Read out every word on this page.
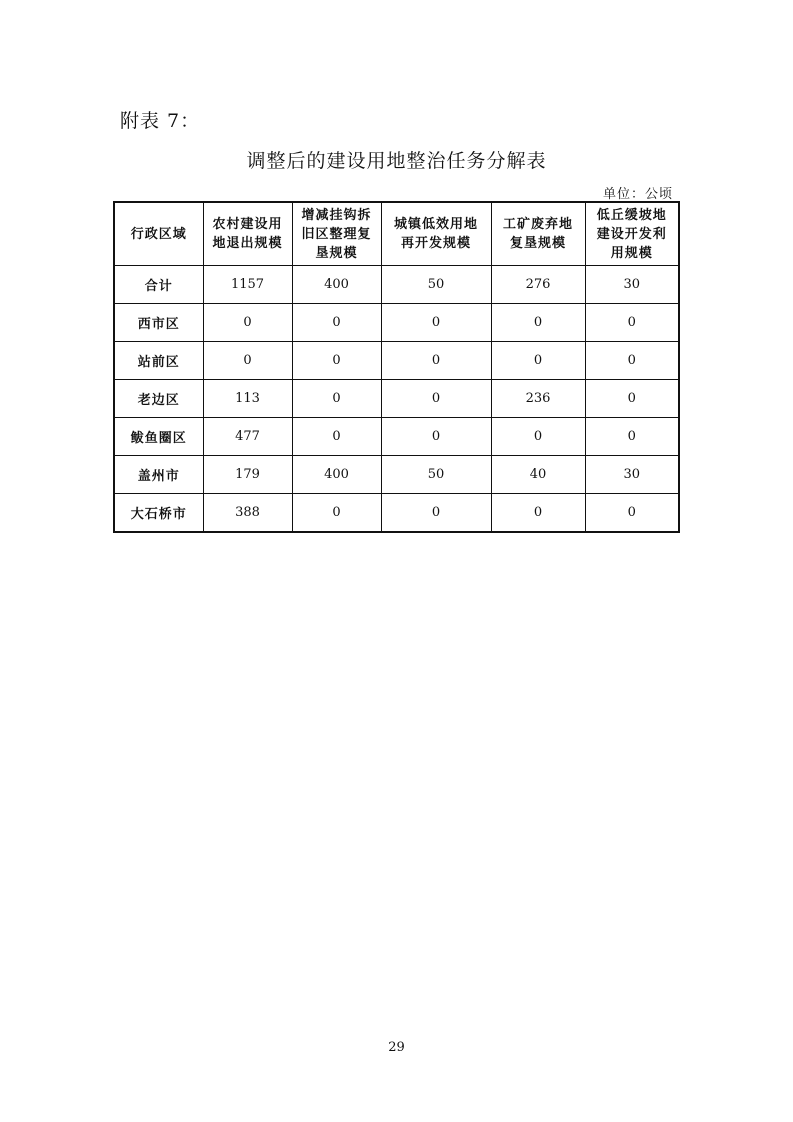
附表 7：
调整后的建设用地整治任务分解表
单位：公顷
行政区域	农村建设用地退出规模	增减挂钩拆旧区整理复垦规模	城镇低效用地再开发规模	工矿废弃地复垦规模	低丘缓坡地建设开发利用规模

合计	1157	400	50	276	30
西市区	0	0	0	0	0
站前区	0	0	0	0	0
老边区	113	0	0	236	0
鲅鱼圈区	477	0	0	0	0
盖州市	179	400	50	40	30
大石桥市	388	0	0	0	0
29
